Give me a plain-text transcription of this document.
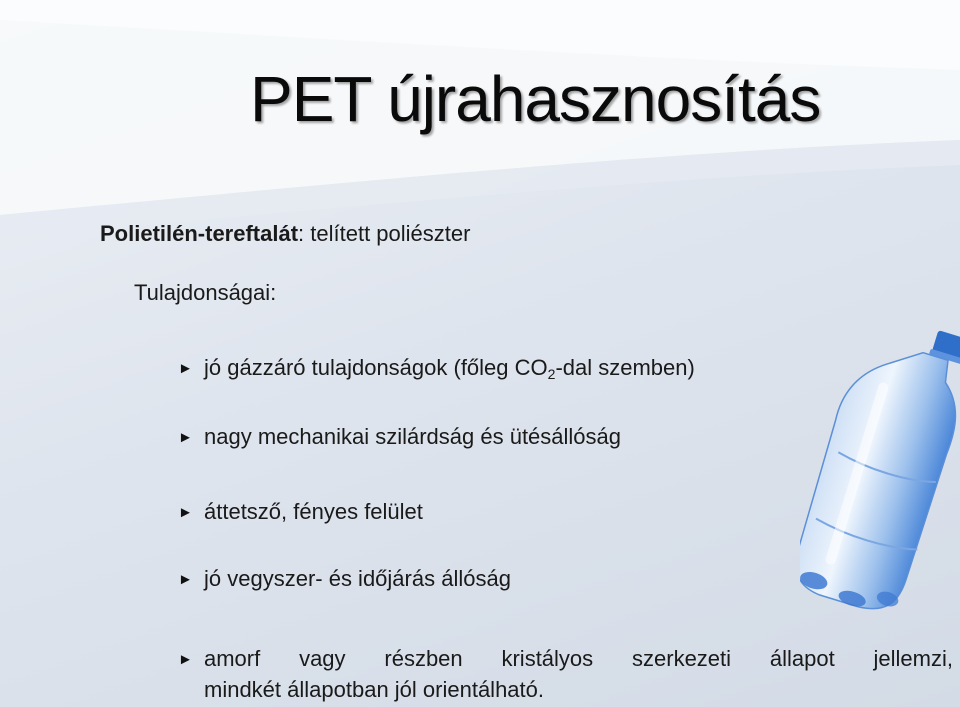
PET újrahasznosítás
Polietilén-tereftalát: telített poliészter
Tulajdonságai:
► jó gázzáró tulajdonságok (főleg $CO_2$-dal szemben)
► nagy mechanikai szilárdság és ütésállóság
► áttetsző, fényes felület
► jó vegyszer- és időjárás állóság
► amorf vagy részben kristályos szerkezeti állapot jellemzi,
mindkét állapotban jól orientálható.
